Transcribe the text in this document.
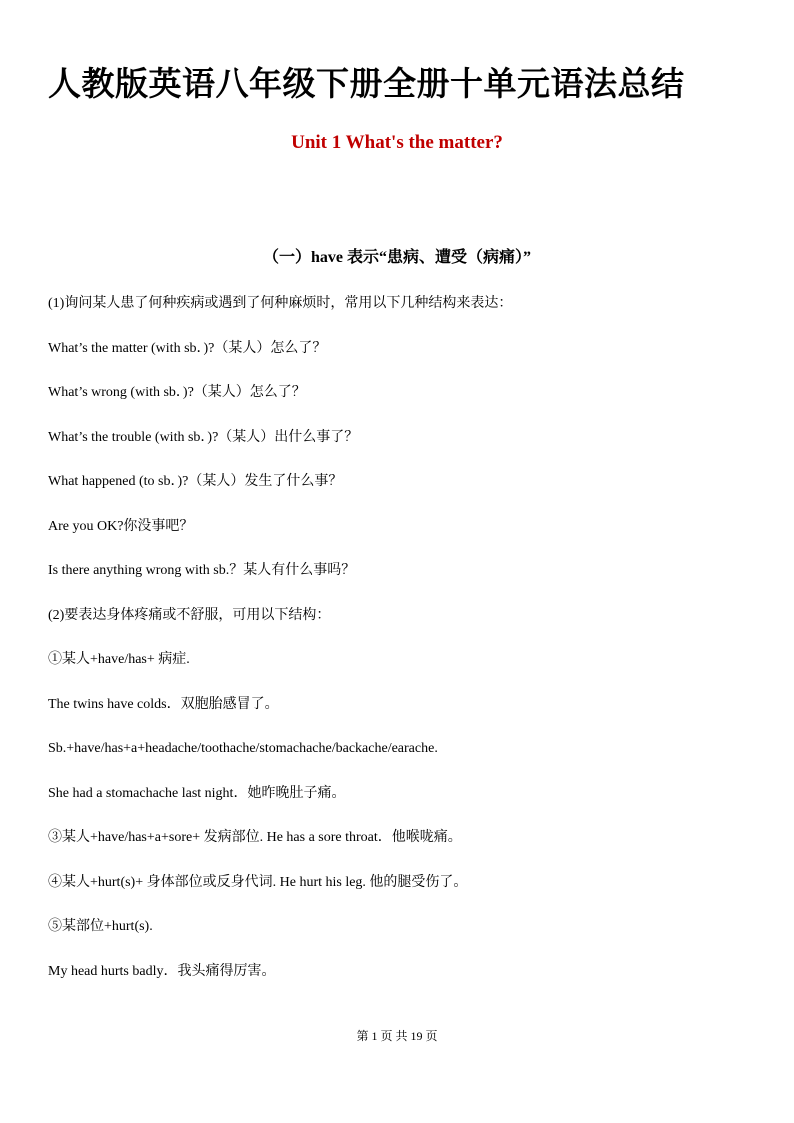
人教版英语八年级下册全册十单元语法总结
Unit 1 What's the matter?
（一）have 表示“患病、遭受（病痛）”
(1)询问某人患了何种疾病或遇到了何种麻烦时，常用以下几种结构来表达：
What’s the matter (with sb．)?（某人）怎么了？
What’s wrong (with sb．)?（某人）怎么了？
What’s the trouble (with sb．)?（某人）出什么事了？
What happened (to sb．)?（某人）发生了什么事？
Are you OK?你没事吧？
Is there anything wrong with sb.？某人有什么事吗？
(2)要表达身体疼痛或不舒服，可用以下结构：
①某人+have/has+ 病症.
The twins have colds．双胞胎感冒了。
Sb.+have/has+a+headache/toothache/stomachache/backache/earache.
She had a stomachache last night．她昨晚肚子痛。
③某人+have/has+a+sore+ 发病部位. He has a sore throat．他喉咙痛。
④某人+hurt(s)+ 身体部位或反身代词. He hurt his leg. 他的腿受伤了。
⑤某部位+hurt(s).
My head hurts badly．我头痛得厉害。
第 1 页 共 19 页
